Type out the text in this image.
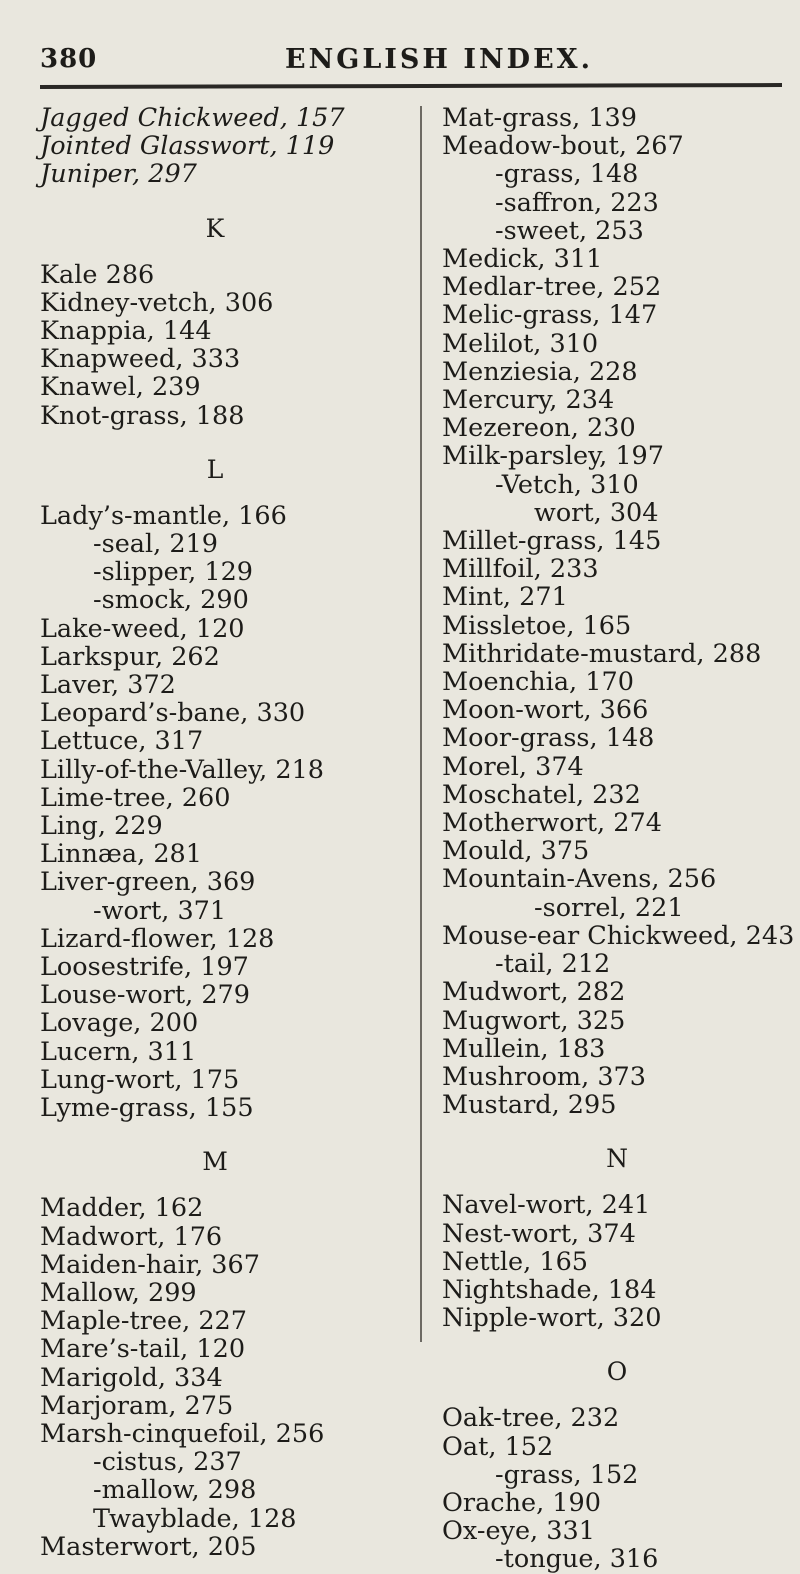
380	ENGLISH INDEX.
Jagged Chickweed, 157
Jointed Glasswort, 119
Juniper, 297
K
Kale 286
Kidney-vetch, 306
Knappia, 144
Knapweed, 333
Knawel, 239
Knot-grass, 188
L
Lady’s-mantle, 166
-seal, 219
-slipper, 129
-smock, 290
Lake-weed, 120
Larkspur, 262
Laver, 372
Leopard’s-bane, 330
Lettuce, 317
Lilly-of-the-Valley, 218
Lime-tree, 260
Ling, 229
Linnæa, 281
Liver-green, 369
-wort, 371
Lizard-flower, 128
Loosestrife, 197
Louse-wort, 279
Lovage, 200
Lucern, 311
Lung-wort, 175
Lyme-grass, 155
M
Madder, 162
Madwort, 176
Maiden-hair, 367
Mallow, 299
Maple-tree, 227
Mare’s-tail, 120
Marigold, 334
Marjoram, 275
Marsh-cinquefoil, 256
-cistus, 237
-mallow, 298
Twayblade, 128
Masterwort, 205
Mat-grass, 139
Meadow-bout, 267
-grass, 148
-saffron, 223
-sweet, 253
Medick, 311
Medlar-tree, 252
Melic-grass, 147
Melilot, 310
Menziesia, 228
Mercury, 234
Mezereon, 230
Milk-parsley, 197
-Vetch, 310
wort, 304
Millet-grass, 145
Millfoil, 233
Mint, 271
Missletoe, 165
Mithridate-mustard, 288
Moenchia, 170
Moon-wort, 366
Moor-grass, 148
Morel, 374
Moschatel, 232
Motherwort, 274
Mould, 375
Mountain-Avens, 256
-sorrel, 221
Mouse-ear Chickweed, 243
-tail, 212
Mudwort, 282
Mugwort, 325
Mullein, 183
Mushroom, 373
Mustard, 295
N
Navel-wort, 241
Nest-wort, 374
Nettle, 165
Nightshade, 184
Nipple-wort, 320
O
Oak-tree, 232
Oat, 152
-grass, 152
Orache, 190
Ox-eye, 331
-tongue, 316
